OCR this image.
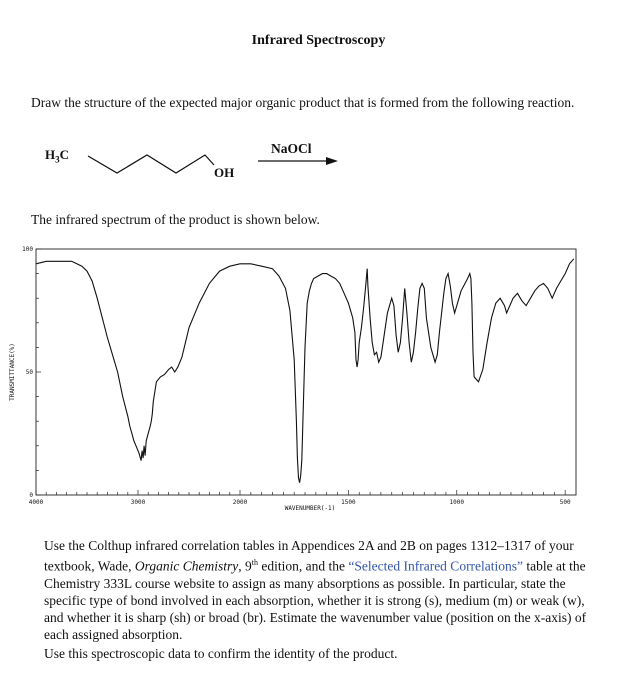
Infrared Spectroscopy
Draw the structure of the expected major organic product that is formed from the following reaction.
$H_3C$
OH
NaOCl
The infrared spectrum of the product is shown below.
4000	3000	2000	1500	1000	500
100
50
0
WAVENUMBER(-1)
TRANSMITTANCE(%)
Use the Colthup infrared correlation tables in Appendices 2A and 2B on pages 1312–1317 of your textbook, Wade, Organic Chemistry, 9th edition, and the “Selected Infrared Correlations” table at the Chemistry 333L course website to assign as many absorptions as possible. In particular, state the specific type of bond involved in each absorption, whether it is strong (s), medium (m) or weak (w), and whether it is sharp (sh) or broad (br). Estimate the wavenumber value (position on the x-axis) of each assigned absorption.
Use this spectroscopic data to confirm the identity of the product.
